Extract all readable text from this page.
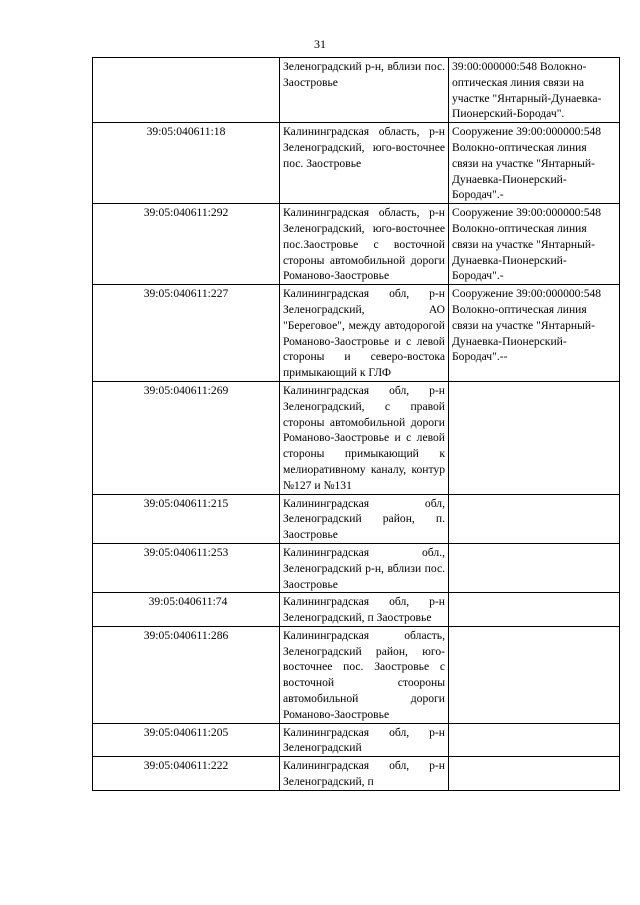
31
	Зеленоградский р-н, вблизи пос. Заостровье	39:00:000000:548 Волокно-оптическая линия связи на участке "Янтарный-Дунаевка-Пионерский-Бородач".
39:05:040611:18	Калининградская область, р-н Зеленоградский, юго-восточнее пос. Заостровье	Сооружение 39:00:000000:548 Волокно-оптическая линия связи на участке "Янтарный-Дунаевка-Пионерский-Бородач".-
39:05:040611:292	Калининградская область, р-н Зеленоградский, юго-восточнее пос.Заостровье с восточной стороны автомобильной дороги Романово-Заостровье	Сооружение 39:00:000000:548 Волокно-оптическая линия связи на участке "Янтарный-Дунаевка-Пионерский-Бородач".-
39:05:040611:227	Калининградская обл, р-н Зеленоградский, АО "Береговое", между автодорогой Романово-Заостровье и с левой стороны и северо-востока примыкающий к ГЛФ	Сооружение 39:00:000000:548 Волокно-оптическая линия связи на участке "Янтарный-Дунаевка-Пионерский-Бородач".--
39:05:040611:269	Калининградская обл, р-н Зеленоградский, с правой стороны автомобильной дороги Романово-Заостровье и с левой стороны примыкающий к мелиоративному каналу, контур №127 и №131	
39:05:040611:215	Калининградская обл, Зеленоградский район, п. Заостровье	
39:05:040611:253	Калининградская обл., Зеленоградский р-н, вблизи пос. Заостровье	
39:05:040611:74	Калининградская обл, р-н Зеленоградский, п Заостровье	
39:05:040611:286	Калининградская область, Зеленоградский район, юго-восточнее пос. Заостровье с восточной стоороны автомобильной дороги Романово-Заостровье	
39:05:040611:205	Калининградская обл, р-н Зеленоградский	
39:05:040611:222	Калининградская обл, р-н Зеленоградский, п	
